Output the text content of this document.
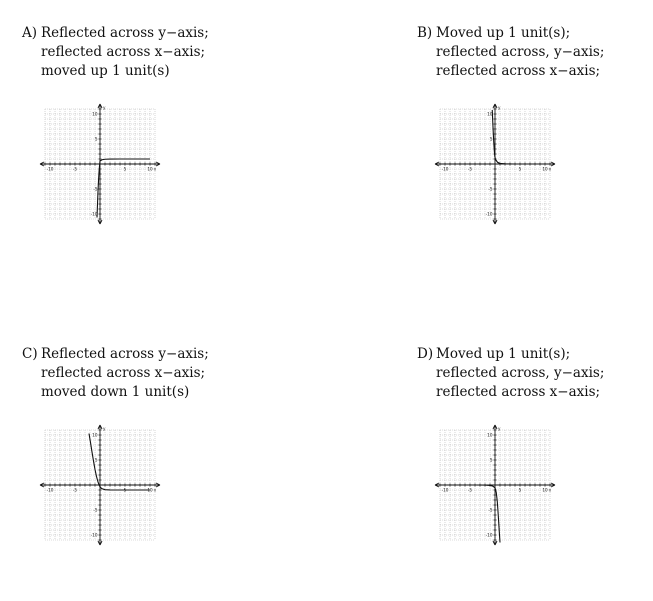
A) Reflected across y−axis;
reflected across x−axis;
moved up 1 unit(s)
-10	-5	5	10
10
5
-5
-10
x
y
B) Moved up 1 unit(s);
reflected across, y−axis;
reflected across x−axis;
-10	-5	5	10
10
5
-5
-10
x
y
C) Reflected across y−axis;
reflected across x−axis;
moved down 1 unit(s)
-10	-5	5	10
10
5
-5
-10
x
y
D) Moved up 1 unit(s);
reflected across, y−axis;
reflected across x−axis;
-10	-5	5	10
10
5
-5
-10
x
y
